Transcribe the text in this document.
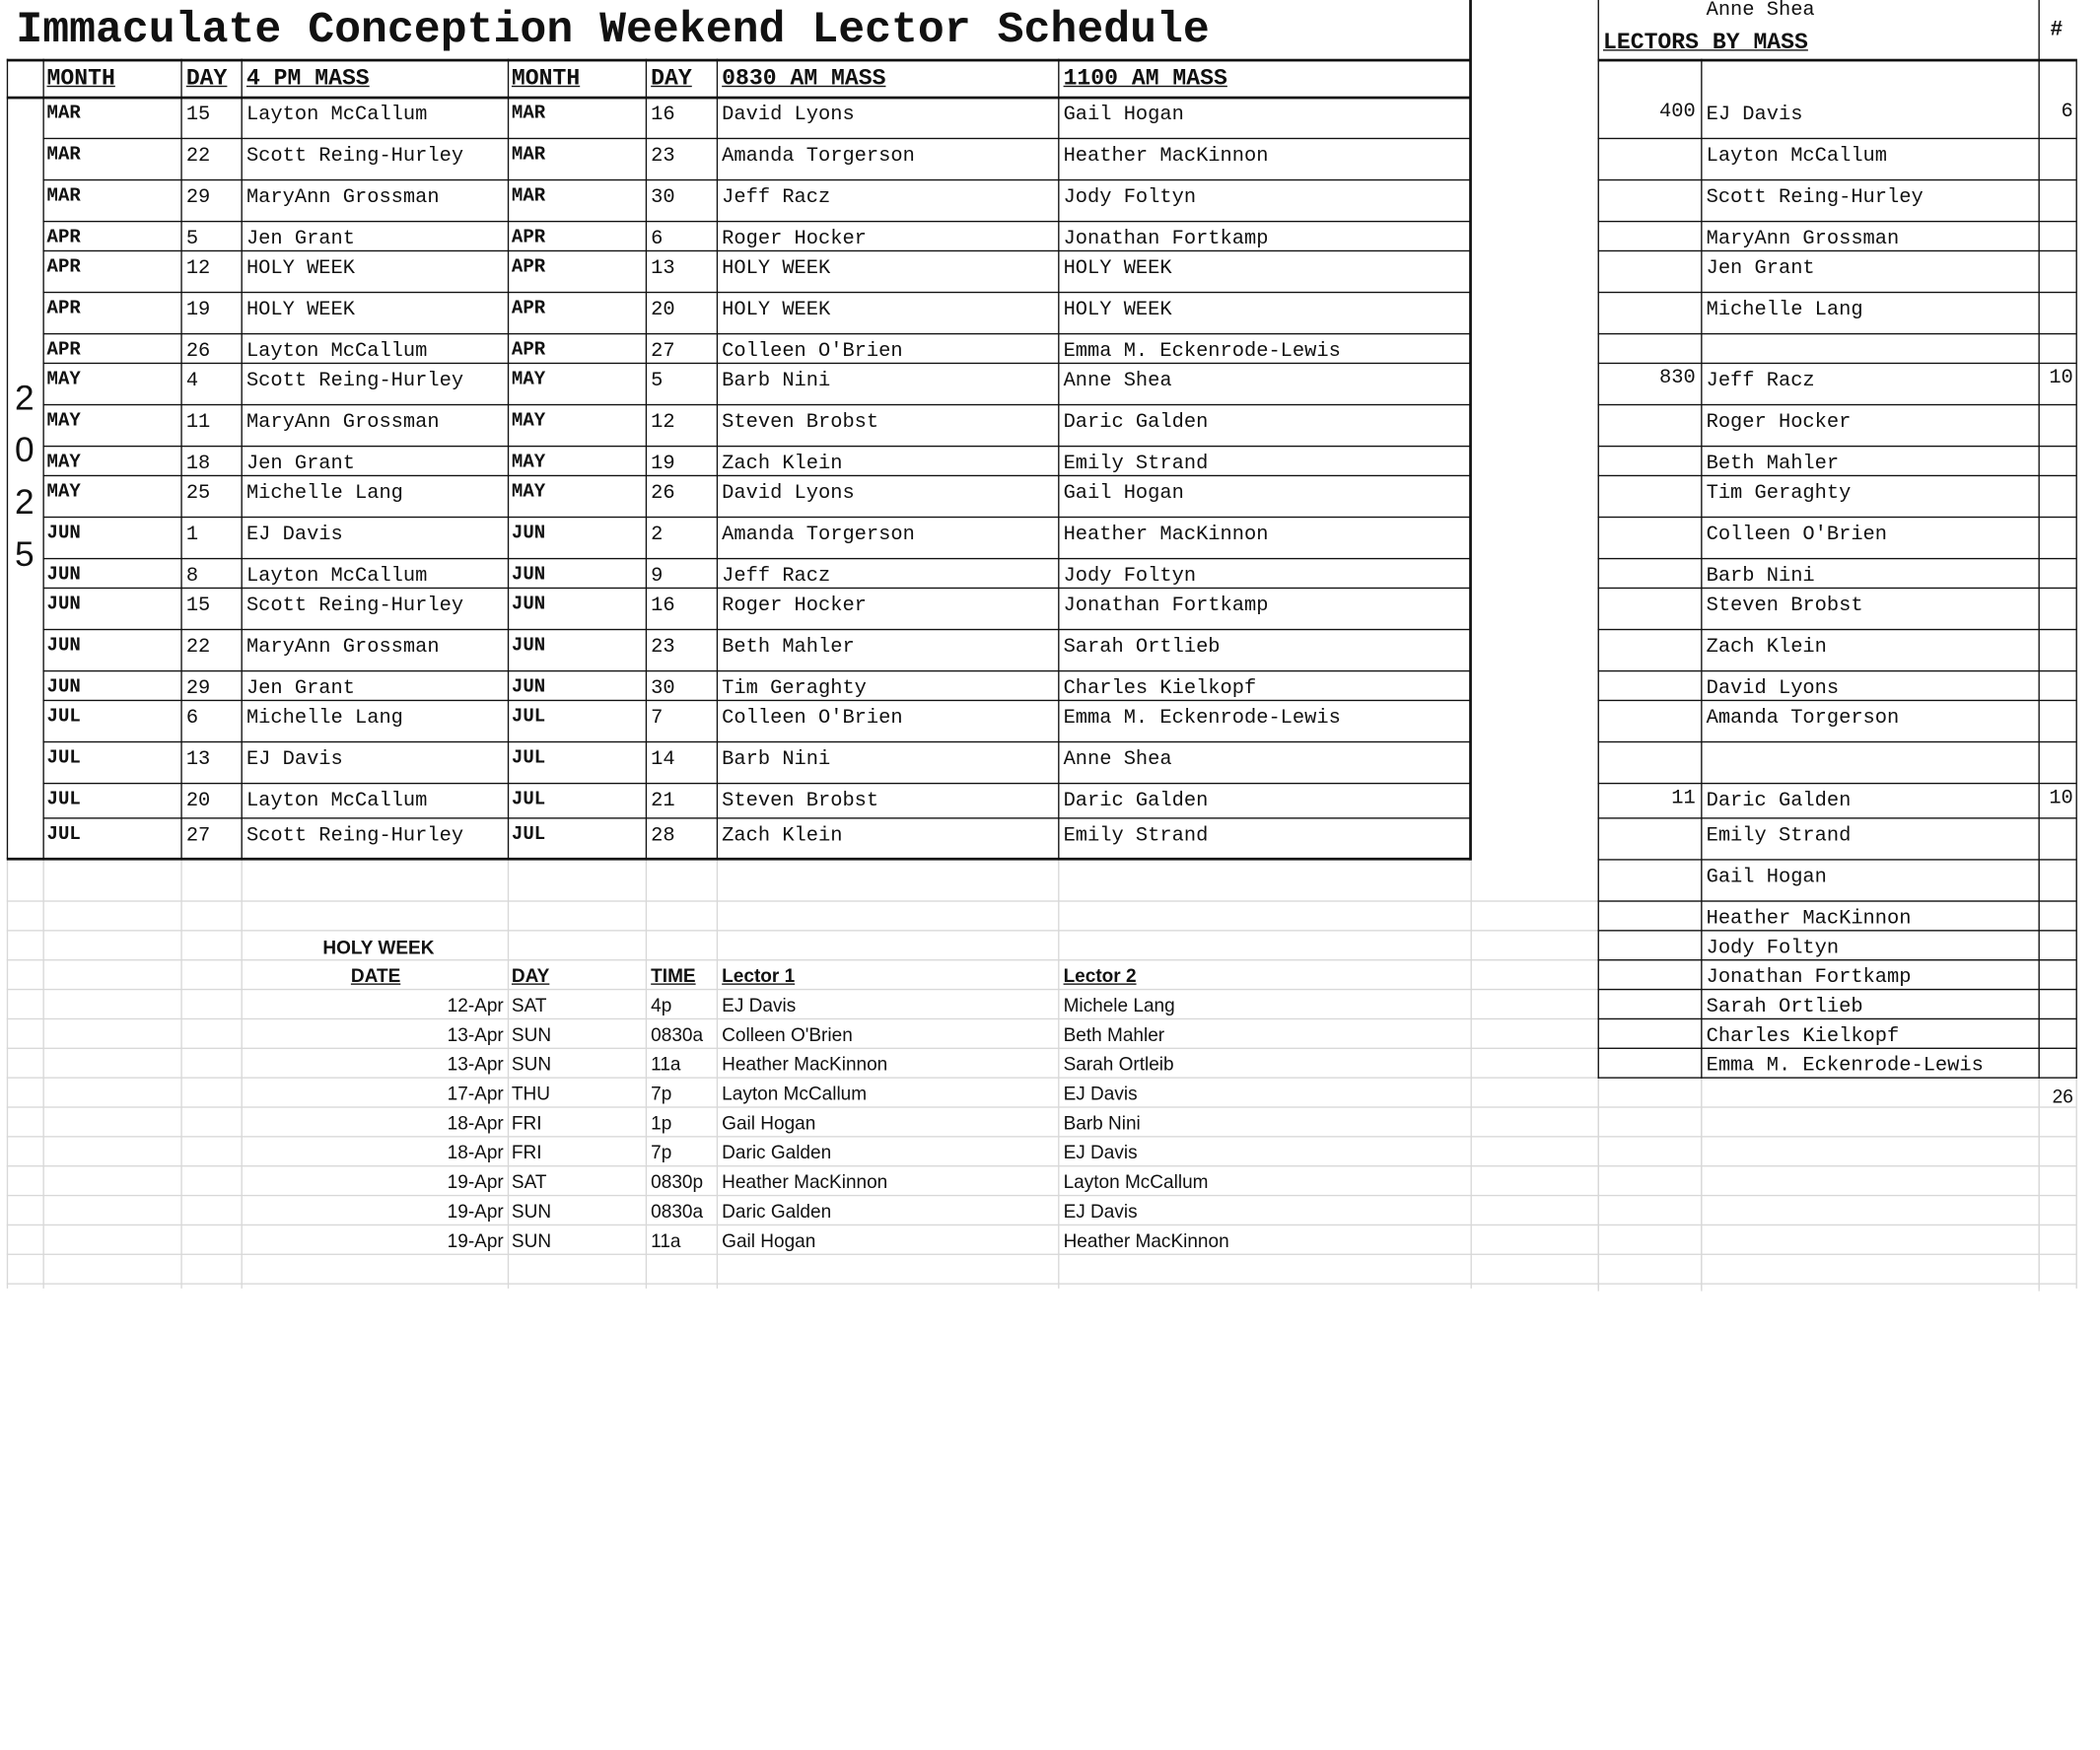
Immaculate Conception Weekend Lector Schedule
2
0
2
5
MONTH	DAY 4 PM MASS	MONTH	DAY 0830 AM MASS	1100 AM MASS
MAR	15 Layton McCallum	MAR	16	David Lyons	Gail Hogan
MAR	22 Scott Reing-Hurley	MAR	23	Amanda Torgerson	Heather MacKinnon
MAR	29 MaryAnn Grossman	MAR	30	Jeff Racz	Jody Foltyn
APR	5	Jen Grant	APR	6	Roger Hocker	Jonathan Fortkamp
APR	12 HOLY WEEK	APR	13	HOLY WEEK	HOLY WEEK
APR	19 HOLY WEEK	APR	20	HOLY WEEK	HOLY WEEK
APR	26 Layton McCallum	APR	27	Colleen O'Brien	Emma M. Eckenrode-Lewis
MAY	4	Scott Reing-Hurley	MAY	5	Barb Nini	Anne Shea
MAY	11 MaryAnn Grossman	MAY	12	Steven Brobst	Daric Galden
MAY	18 Jen Grant	MAY	19	Zach Klein	Emily Strand
MAY	25 Michelle Lang	MAY	26	David Lyons	Gail Hogan
JUN	1	EJ Davis	JUN	2	Amanda Torgerson	Heather MacKinnon
JUN	8	Layton McCallum	JUN	9	Jeff Racz	Jody Foltyn
JUN	15 Scott Reing-Hurley	JUN	16	Roger Hocker	Jonathan Fortkamp
JUN	22 MaryAnn Grossman	JUN	23	Beth Mahler	Sarah Ortlieb
JUN	29 Jen Grant	JUN	30	Tim Geraghty	Charles Kielkopf
JUL	6	Michelle Lang	JUL	7	Colleen O'Brien	Emma M. Eckenrode-Lewis
JUL	13 EJ Davis	JUL	14	Barb Nini	Anne Shea
JUL	20 Layton McCallum	JUL	21	Steven Brobst	Daric Galden
JUL	27 Scott Reing-Hurley	JUL	28	Zach Klein	Emily Strand
LECTORS BY MASS
#
400 EJ Davis	6
Layton McCallum
Scott Reing-Hurley
MaryAnn Grossman
Jen Grant
Michelle Lang
830 Jeff Racz	10
Roger Hocker
Beth Mahler
Tim Geraghty
Colleen O'Brien
Barb Nini
Steven Brobst
Zach Klein
David Lyons
Amanda Torgerson
11 Daric Galden	10
Emily Strand
Gail Hogan
Heather MacKinnon
Jody Foltyn
Jonathan Fortkamp
Sarah Ortlieb
Charles Kielkopf
Emma M. Eckenrode-Lewis
Anne Shea
26
HOLY WEEK
DATE	DAY	TIME Lector 1	Lector 2
12-Apr SAT	4p	EJ Davis	Michele Lang
13-Apr SUN	0830a Colleen O'Brien	Beth Mahler
13-Apr SUN	11a	Heather MacKinnon	Sarah Ortleib
17-Apr THU	7p	Layton McCallum	EJ Davis
18-Apr FRI	1p	Gail Hogan	Barb Nini
18-Apr FRI	7p	Daric Galden	EJ Davis
19-Apr SAT	0830p Heather MacKinnon	Layton McCallum
19-Apr SUN	0830a Daric Galden	EJ Davis
19-Apr SUN	11a	Gail Hogan	Heather MacKinnon
